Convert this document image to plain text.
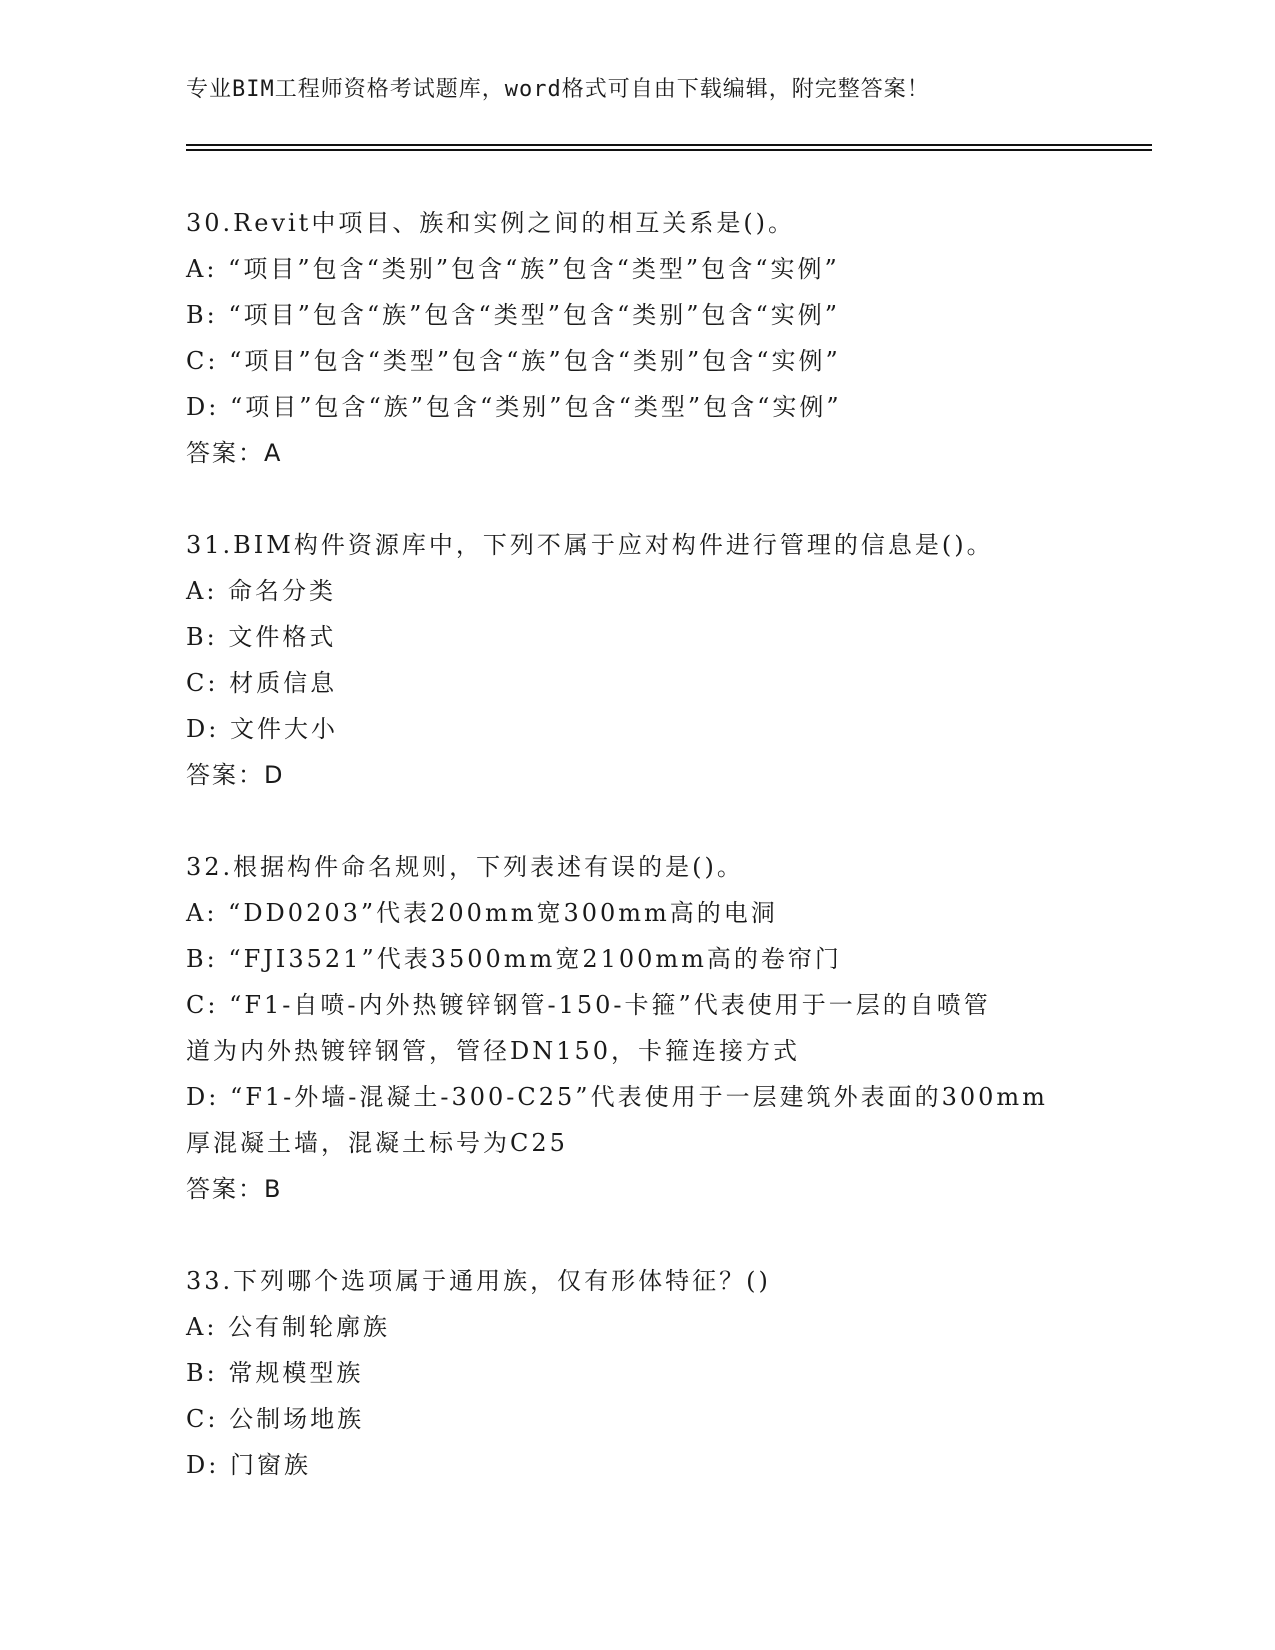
专业BIM工程师资格考试题库，word格式可自由下载编辑，附完整答案！
30.Revit中项目、族和实例之间的相互关系是()。
A: “项目”包含“类别”包含“族”包含“类型”包含“实例”
B: “项目”包含“族”包含“类型”包含“类别”包含“实例”
C: “项目”包含“类型”包含“族”包含“类别”包含“实例”
D: “项目”包含“族”包含“类别”包含“类型”包含“实例”
答案：A
31.BIM构件资源库中，下列不属于应对构件进行管理的信息是()。
A: 命名分类
B: 文件格式
C: 材质信息
D: 文件大小
答案：D
32.根据构件命名规则，下列表述有误的是()。
A: “DD0203”代表200mm宽300mm高的电洞
B: “FJI3521”代表3500mm宽2100mm高的卷帘门
C: “F1-自喷-内外热镀锌钢管-150-卡箍”代表使用于一层的自喷管
道为内外热镀锌钢管，管径DN150，卡箍连接方式
D: “F1-外墙-混凝土-300-C25”代表使用于一层建筑外表面的300mm
厚混凝土墙，混凝土标号为C25
答案：B
33.下列哪个选项属于通用族，仅有形体特征？()
A: 公有制轮廓族
B: 常规模型族
C: 公制场地族
D: 门窗族
